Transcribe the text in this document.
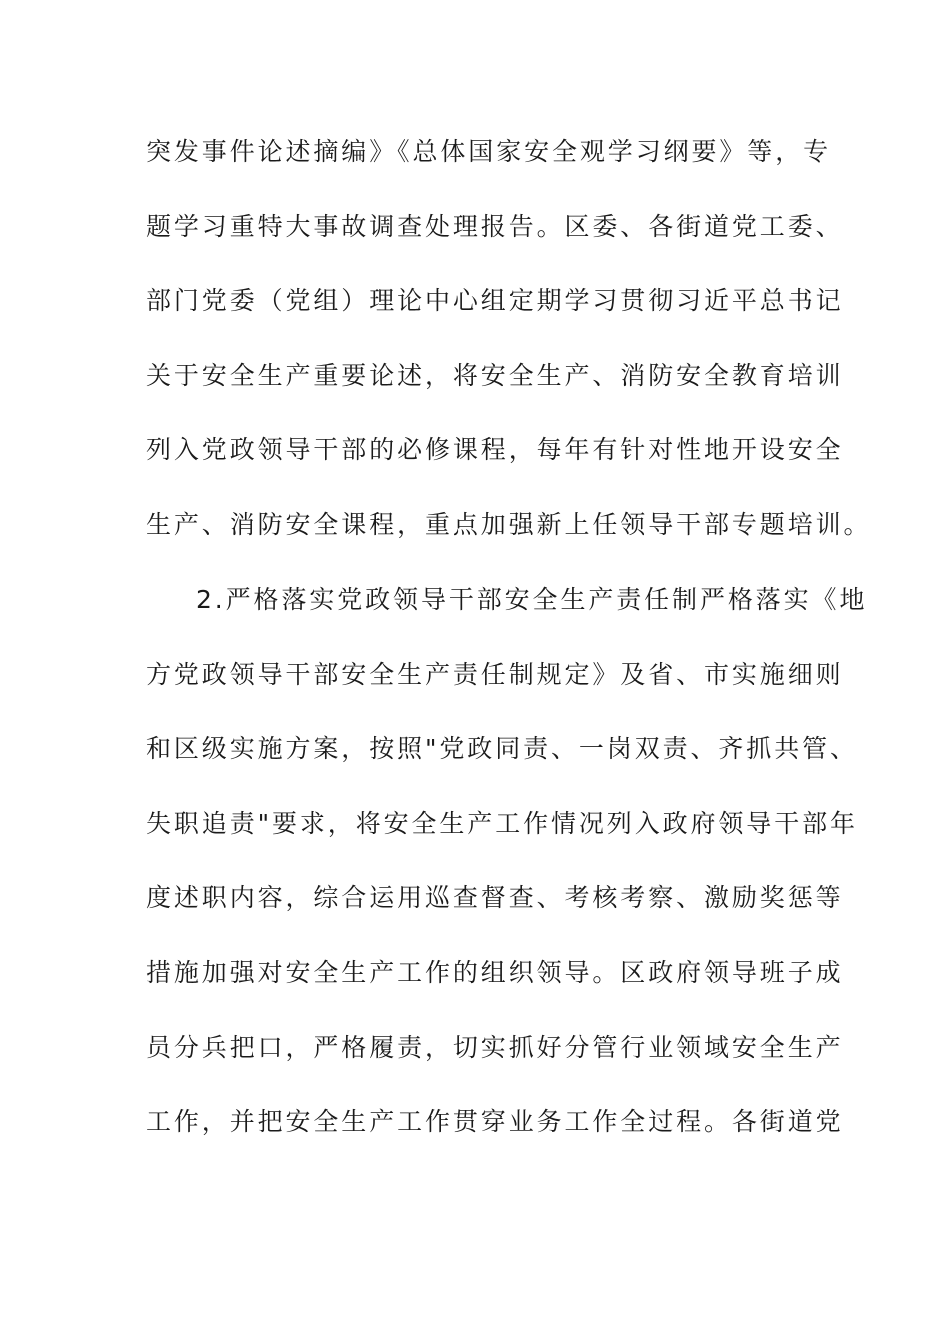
突发事件论述摘编》《总体国家安全观学习纲要》等，专
题学习重特大事故调查处理报告。区委、各街道党工委、
部门党委（党组）理论中心组定期学习贯彻习近平总书记
关于安全生产重要论述，将安全生产、消防安全教育培训
列入党政领导干部的必修课程，每年有针对性地开设安全
生产、消防安全课程，重点加强新上任领导干部专题培训。
2.严格落实党政领导干部安全生产责任制严格落实《地
方党政领导干部安全生产责任制规定》及省、市实施细则
和区级实施方案，按照"党政同责、一岗双责、齐抓共管、
失职追责"要求，将安全生产工作情况列入政府领导干部年
度述职内容，综合运用巡查督查、考核考察、激励奖惩等
措施加强对安全生产工作的组织领导。区政府领导班子成
员分兵把口，严格履责，切实抓好分管行业领域安全生产
工作，并把安全生产工作贯穿业务工作全过程。各街道党
